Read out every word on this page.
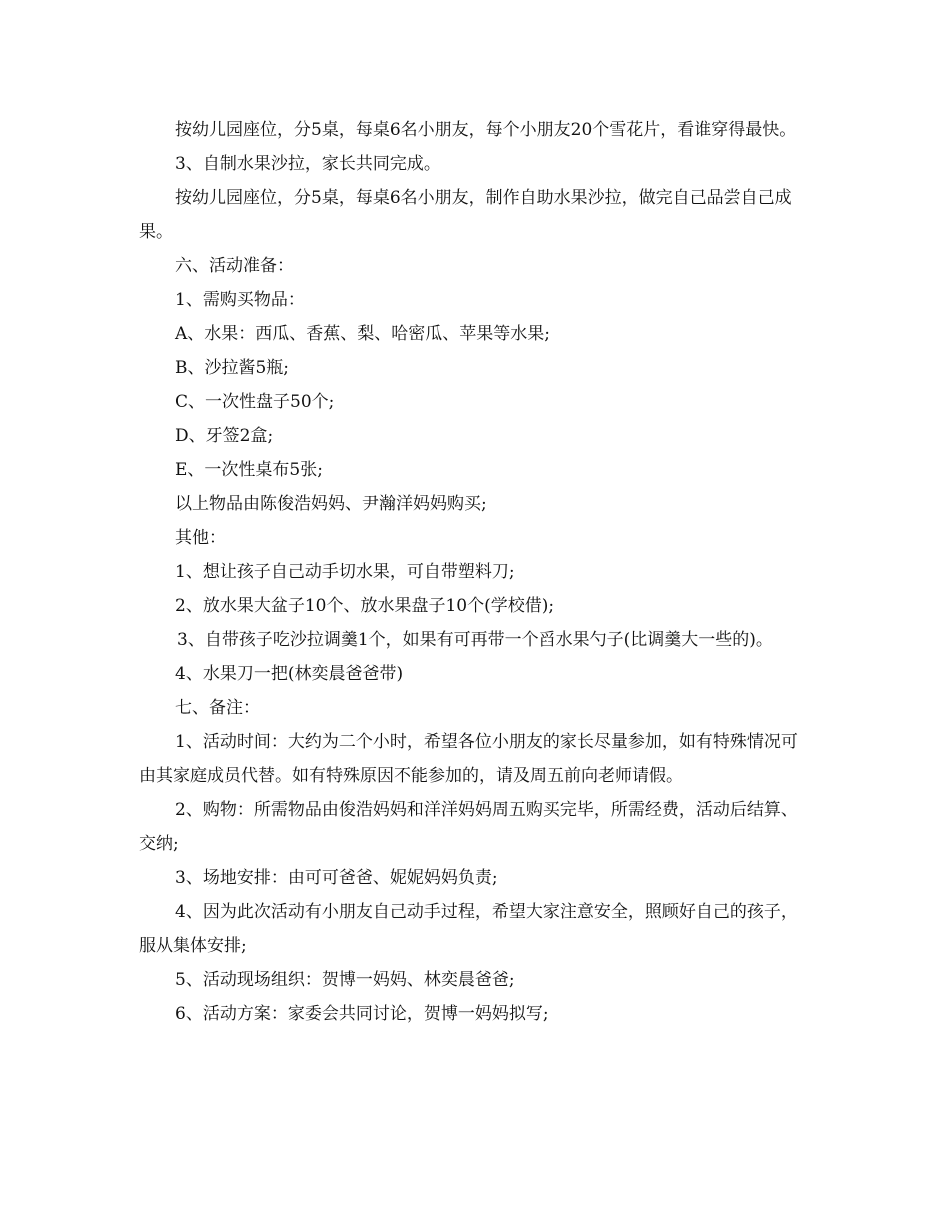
按幼儿园座位，分5桌，每桌6名小朋友，每个小朋友20个雪花片，看谁穿得最快。

3、自制水果沙拉，家长共同完成。

按幼儿园座位，分5桌，每桌6名小朋友，制作自助水果沙拉，做完自己品尝自己成果。

六、活动准备：

1、需购买物品：

A、水果：西瓜、香蕉、梨、哈密瓜、苹果等水果;

B、沙拉酱5瓶;

C、一次性盘子50个;

D、牙签2盒;

E、一次性桌布5张;

以上物品由陈俊浩妈妈、尹瀚洋妈妈购买;

其他：

1、想让孩子自己动手切水果，可自带塑料刀;

2、放水果大盆子10个、放水果盘子10个(学校借);

3、自带孩子吃沙拉调羹1个，如果有可再带一个舀水果勺子(比调羹大一些的)。

4、水果刀一把(林奕晨爸爸带)

七、备注：

1、活动时间：大约为二个小时，希望各位小朋友的家长尽量参加，如有特殊情况可由其家庭成员代替。如有特殊原因不能参加的，请及周五前向老师请假。

2、购物：所需物品由俊浩妈妈和洋洋妈妈周五购买完毕，所需经费，活动后结算、交纳;

3、场地安排：由可可爸爸、妮妮妈妈负责;

4、因为此次活动有小朋友自己动手过程，希望大家注意安全，照顾好自己的孩子，服从集体安排;

5、活动现场组织：贺博一妈妈、林奕晨爸爸;

6、活动方案：家委会共同讨论，贺博一妈妈拟写;
